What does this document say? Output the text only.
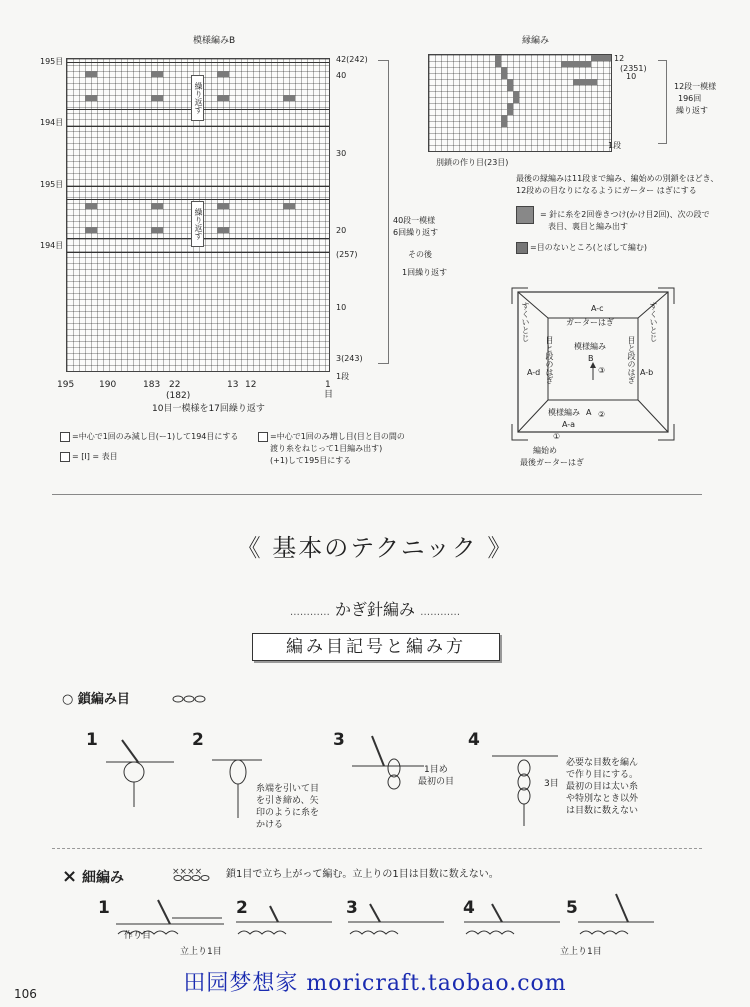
模様編みB
繰り返す
繰り返す
195目
194目
195目
194目
42(242)
40
30
20
(257)
10
3(243)
1段
40段一模様
6回繰り返す
その後
1回繰り返す
195	190	183 22	13 12	1
目
(182)
10目一模様を17回繰り返す
=中心で1回のみ減し目(ー1)して194目にする	=中心で1回のみ増し目(目と目の間の
渡り糸をねじって1目編み出す)
(+1)して195目にする
= [I] = 表目
縁編み
12
(2351)
10
1段
12段一模様
196回
繰り返す
別鎖の作り目(23目)
最後の縁編みは11段まで編み、編始めの別鎖をほどき、
12段めの目なりになるようにガーター はぎにする
= 針に糸を2回巻きつけ(かけ目2回)、次の段で
表目、裏目と編み出す
=目のないところ(とばして編む)
A-c
ガーターはぎ
模様編み
B
③
A-d	A-b
目と段のはぎ	目と段のはぎ
すくいとじ	すくいとじ
模様編み A ②
A-a
①
編始め
最後ガーターはぎ
《 基本のテクニック 》
………… かぎ針編み …………
編み目記号と編み方
○ 鎖編み目
1	2	3	4
糸端を引いて目
を引き締め、矢
印のように糸を
かける
1目め
最初の目	3目
必要な目数を編ん
で作り目にする。
最初の目は太い糸
や特別なとき以外
は目数に数えない
× 細編み	×××× 鎖1目で立ち上がって編む。立上りの1目は目数に数えない。
1	2	3	4	5
作り目
立上り1目	立上り1目
田园梦想家 moricraft.taobao.com
106
